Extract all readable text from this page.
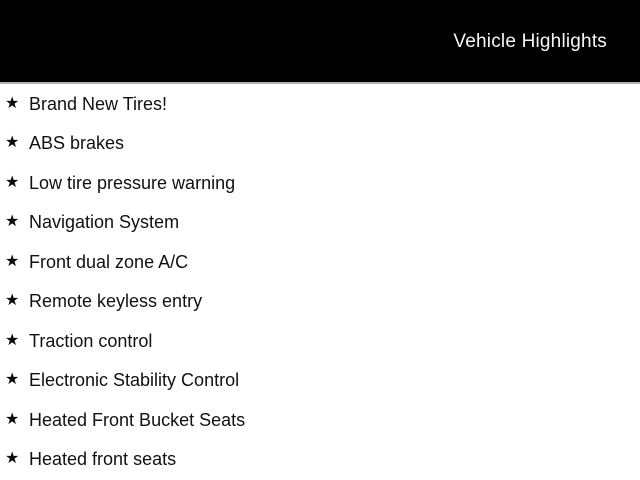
Vehicle Highlights
★ Brand New Tires!
★ ABS brakes
★ Low tire pressure warning
★ Navigation System
★ Front dual zone A/C
★ Remote keyless entry
★ Traction control
★ Electronic Stability Control
★ Heated Front Bucket Seats
★ Heated front seats
